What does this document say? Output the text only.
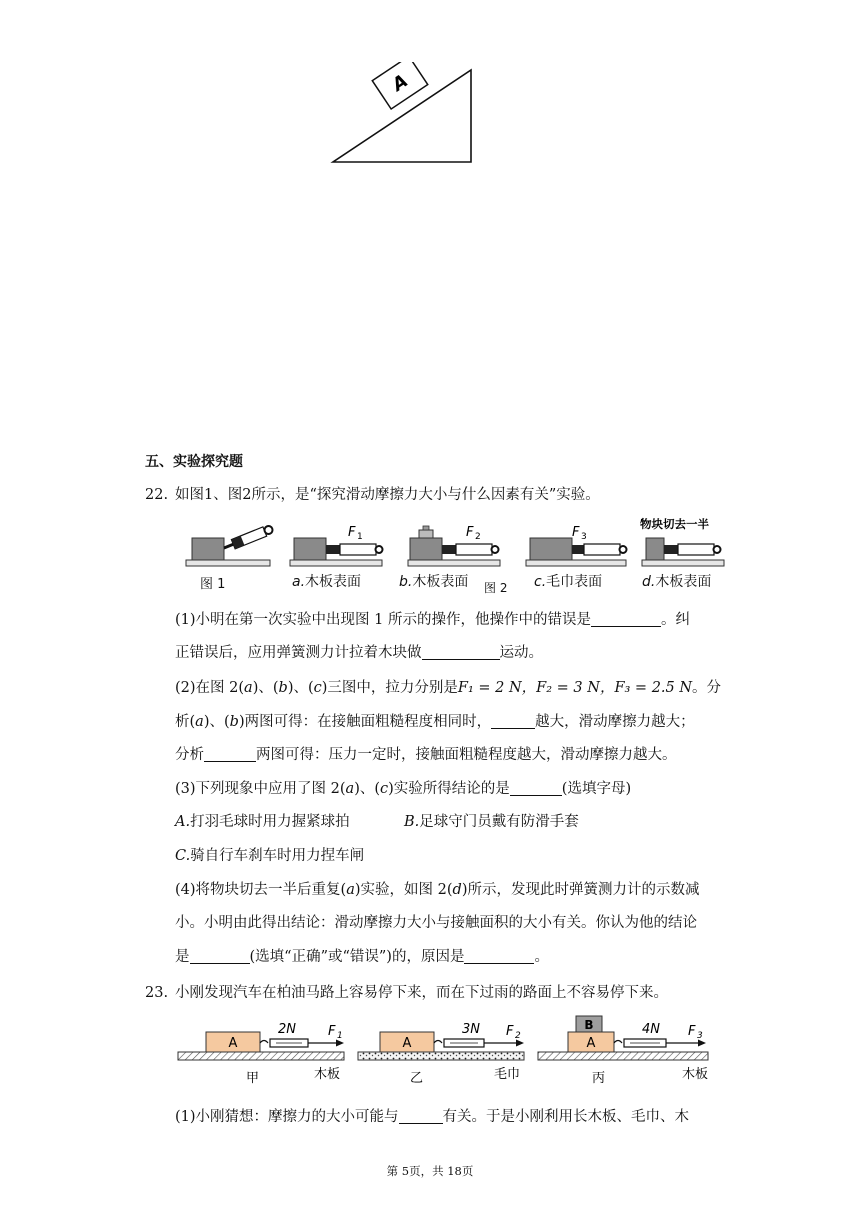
A
五、实验探究题
22. 如图1、图2所示，是“探究滑动摩擦力大小与什么因素有关”实验。
F 1	F 2	F 3
物块切去一半
图 1	a.木板表面	b.木板表面 图 2 c.毛巾表面	d.木板表面
(1)小明在第一次实验中出现图 1 所示的操作，他操作中的错误是	。纠
正错误后，应用弹簧测力计拉着木块做	运动。
(2)在图 2(a)、(b)、(c)三图中，拉力分别是F₁ = 2 N，F₂ = 3 N，F₃ = 2.5 N。分
析(a)、(b)两图可得：在接触面粗糙程度相同时，	越大，滑动摩擦力越大；
分析	两图可得：压力一定时，接触面粗糙程度越大，滑动摩擦力越大。
(3)下列现象中应用了图 2(a)、(c)实验所得结论的是	(选填字母)
A.打羽毛球时用力握紧球拍	B.足球守门员戴有防滑手套
C.骑自行车刹车时用力捏车闸
(4)将物块切去一半后重复(a)实验，如图 2(d)所示，发现此时弹簧测力计的示数减
小。小明由此得出结论：滑动摩擦力大小与接触面积的大小有关。你认为他的结论
是	(选填“正确”或“错误”)的，原因是	。
23. 小刚发现汽车在柏油马路上容易停下来，而在下过雨的路面上不容易停下来。
A
2N F 1	A
3N F 2
B
A
4N F 3
木板	毛巾	木板
甲	乙	丙
(1)小刚猜想：摩擦力的大小可能与	有关。于是小刚利用长木板、毛巾、木
第 5页，共 18页
